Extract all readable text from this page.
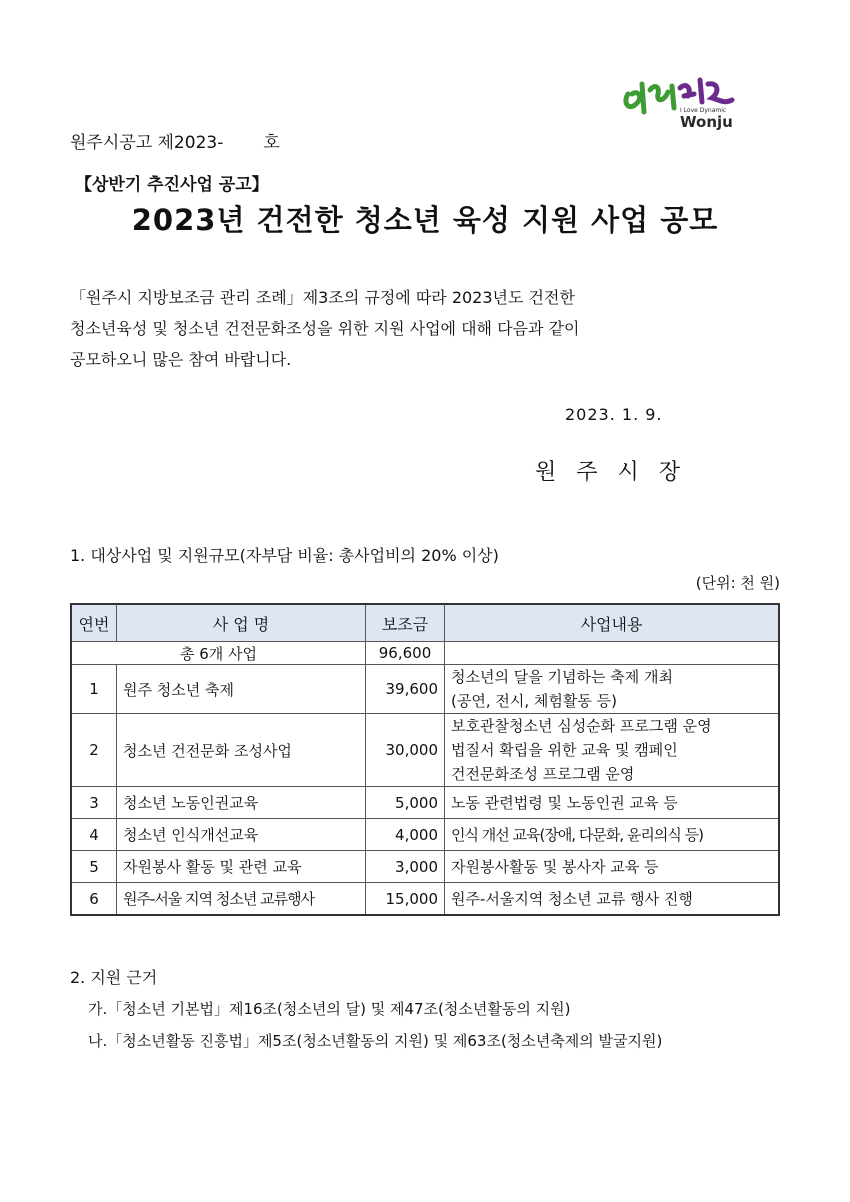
I Love Dynamic
Wonju
원주시공고 제2023- 호
【상반기 추진사업 공고】
2023년 건전한 청소년 육성 지원 사업 공모

「원주시 지방보조금 관리 조례」제3조의 규정에 따라 2023년도 건전한

청소년육성 및 청소년 건전문화조성을 위한 지원 사업에 대해 다음과 같이

공모하오니 많은 참여 바랍니다.

2023. 1. 9.
원주시장
1. 대상사업 및 지원규모(자부담 비율: 총사업비의 20% 이상)
(단위: 천 원)
연번	사 업 명	보조금	사업내용
총 6개 사업		96,600	
1	원주 청소년 축제	39,600	청소년의 달을 기념하는 축제 개최
(공연, 전시, 체험활동 등)

2	청소년 건전문화 조성사업	30,000	보호관찰청소년 심성순화 프로그램 운영
법질서 확립을 위한 교육 및 캠페인
건전문화조성 프로그램 운영

3	청소년 노동인권교육	5,000	노동 관련법령 및 노동인권 교육 등
4	청소년 인식개선교육	4,000	인식 개선 교육(장애, 다문화, 윤리의식 등)
5	자원봉사 활동 및 관련 교육	3,000	자원봉사활동 및 봉사자 교육 등
6	원주-서울 지역 청소년 교류행사	15,000	원주-서울지역 청소년 교류 행사 진행
2. 지원 근거
가.「청소년 기본법」제16조(청소년의 달) 및 제47조(청소년활동의 지원)
나.「청소년활동 진흥법」제5조(청소년활동의 지원) 및 제63조(청소년축제의 발굴지원)
